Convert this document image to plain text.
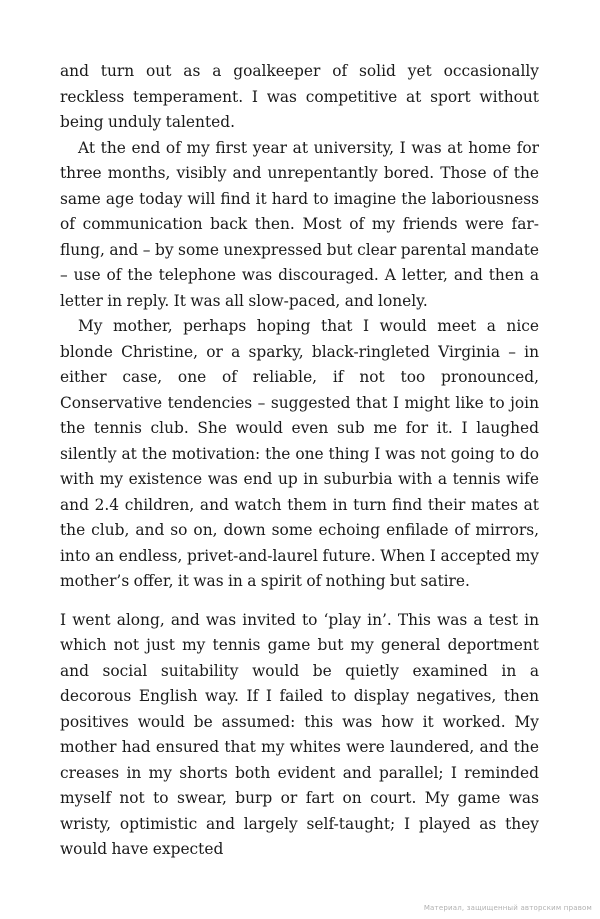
and turn out as a goalkeeper of solid yet occasionally reckless temperament. I was competitive at sport without being unduly talented.

At the end of my first year at university, I was at home for three months, visibly and unrepentantly bored. Those of the same age today will find it hard to imagine the laboriousness of communication back then. Most of my friends were far-flung, and – by some unexpressed but clear parental mandate – use of the telephone was discouraged. A letter, and then a letter in reply. It was all slow-paced, and lonely.

My mother, perhaps hoping that I would meet a nice blonde Christine, or a sparky, black-ringleted Virginia – in either case, one of reliable, if not too pronounced, Conservative tendencies – suggested that I might like to join the tennis club. She would even sub me for it. I laughed silently at the motivation: the one thing I was not going to do with my existence was end up in suburbia with a tennis wife and 2.4 children, and watch them in turn find their mates at the club, and so on, down some echoing enfilade of mirrors, into an endless, privet-and-laurel future. When I accepted my mother’s offer, it was in a spirit of nothing but satire.

I went along, and was invited to ‘play in’. This was a test in which not just my tennis game but my general deportment and social suitability would be quietly examined in a decorous English way. If I failed to display negatives, then positives would be assumed: this was how it worked. My mother had ensured that my whites were laundered, and the creases in my shorts both evident and parallel; I reminded myself not to swear, burp or fart on court. My game was wristy, optimistic and largely self-taught; I played as they would have expected

Материал, защищенный авторским правом
